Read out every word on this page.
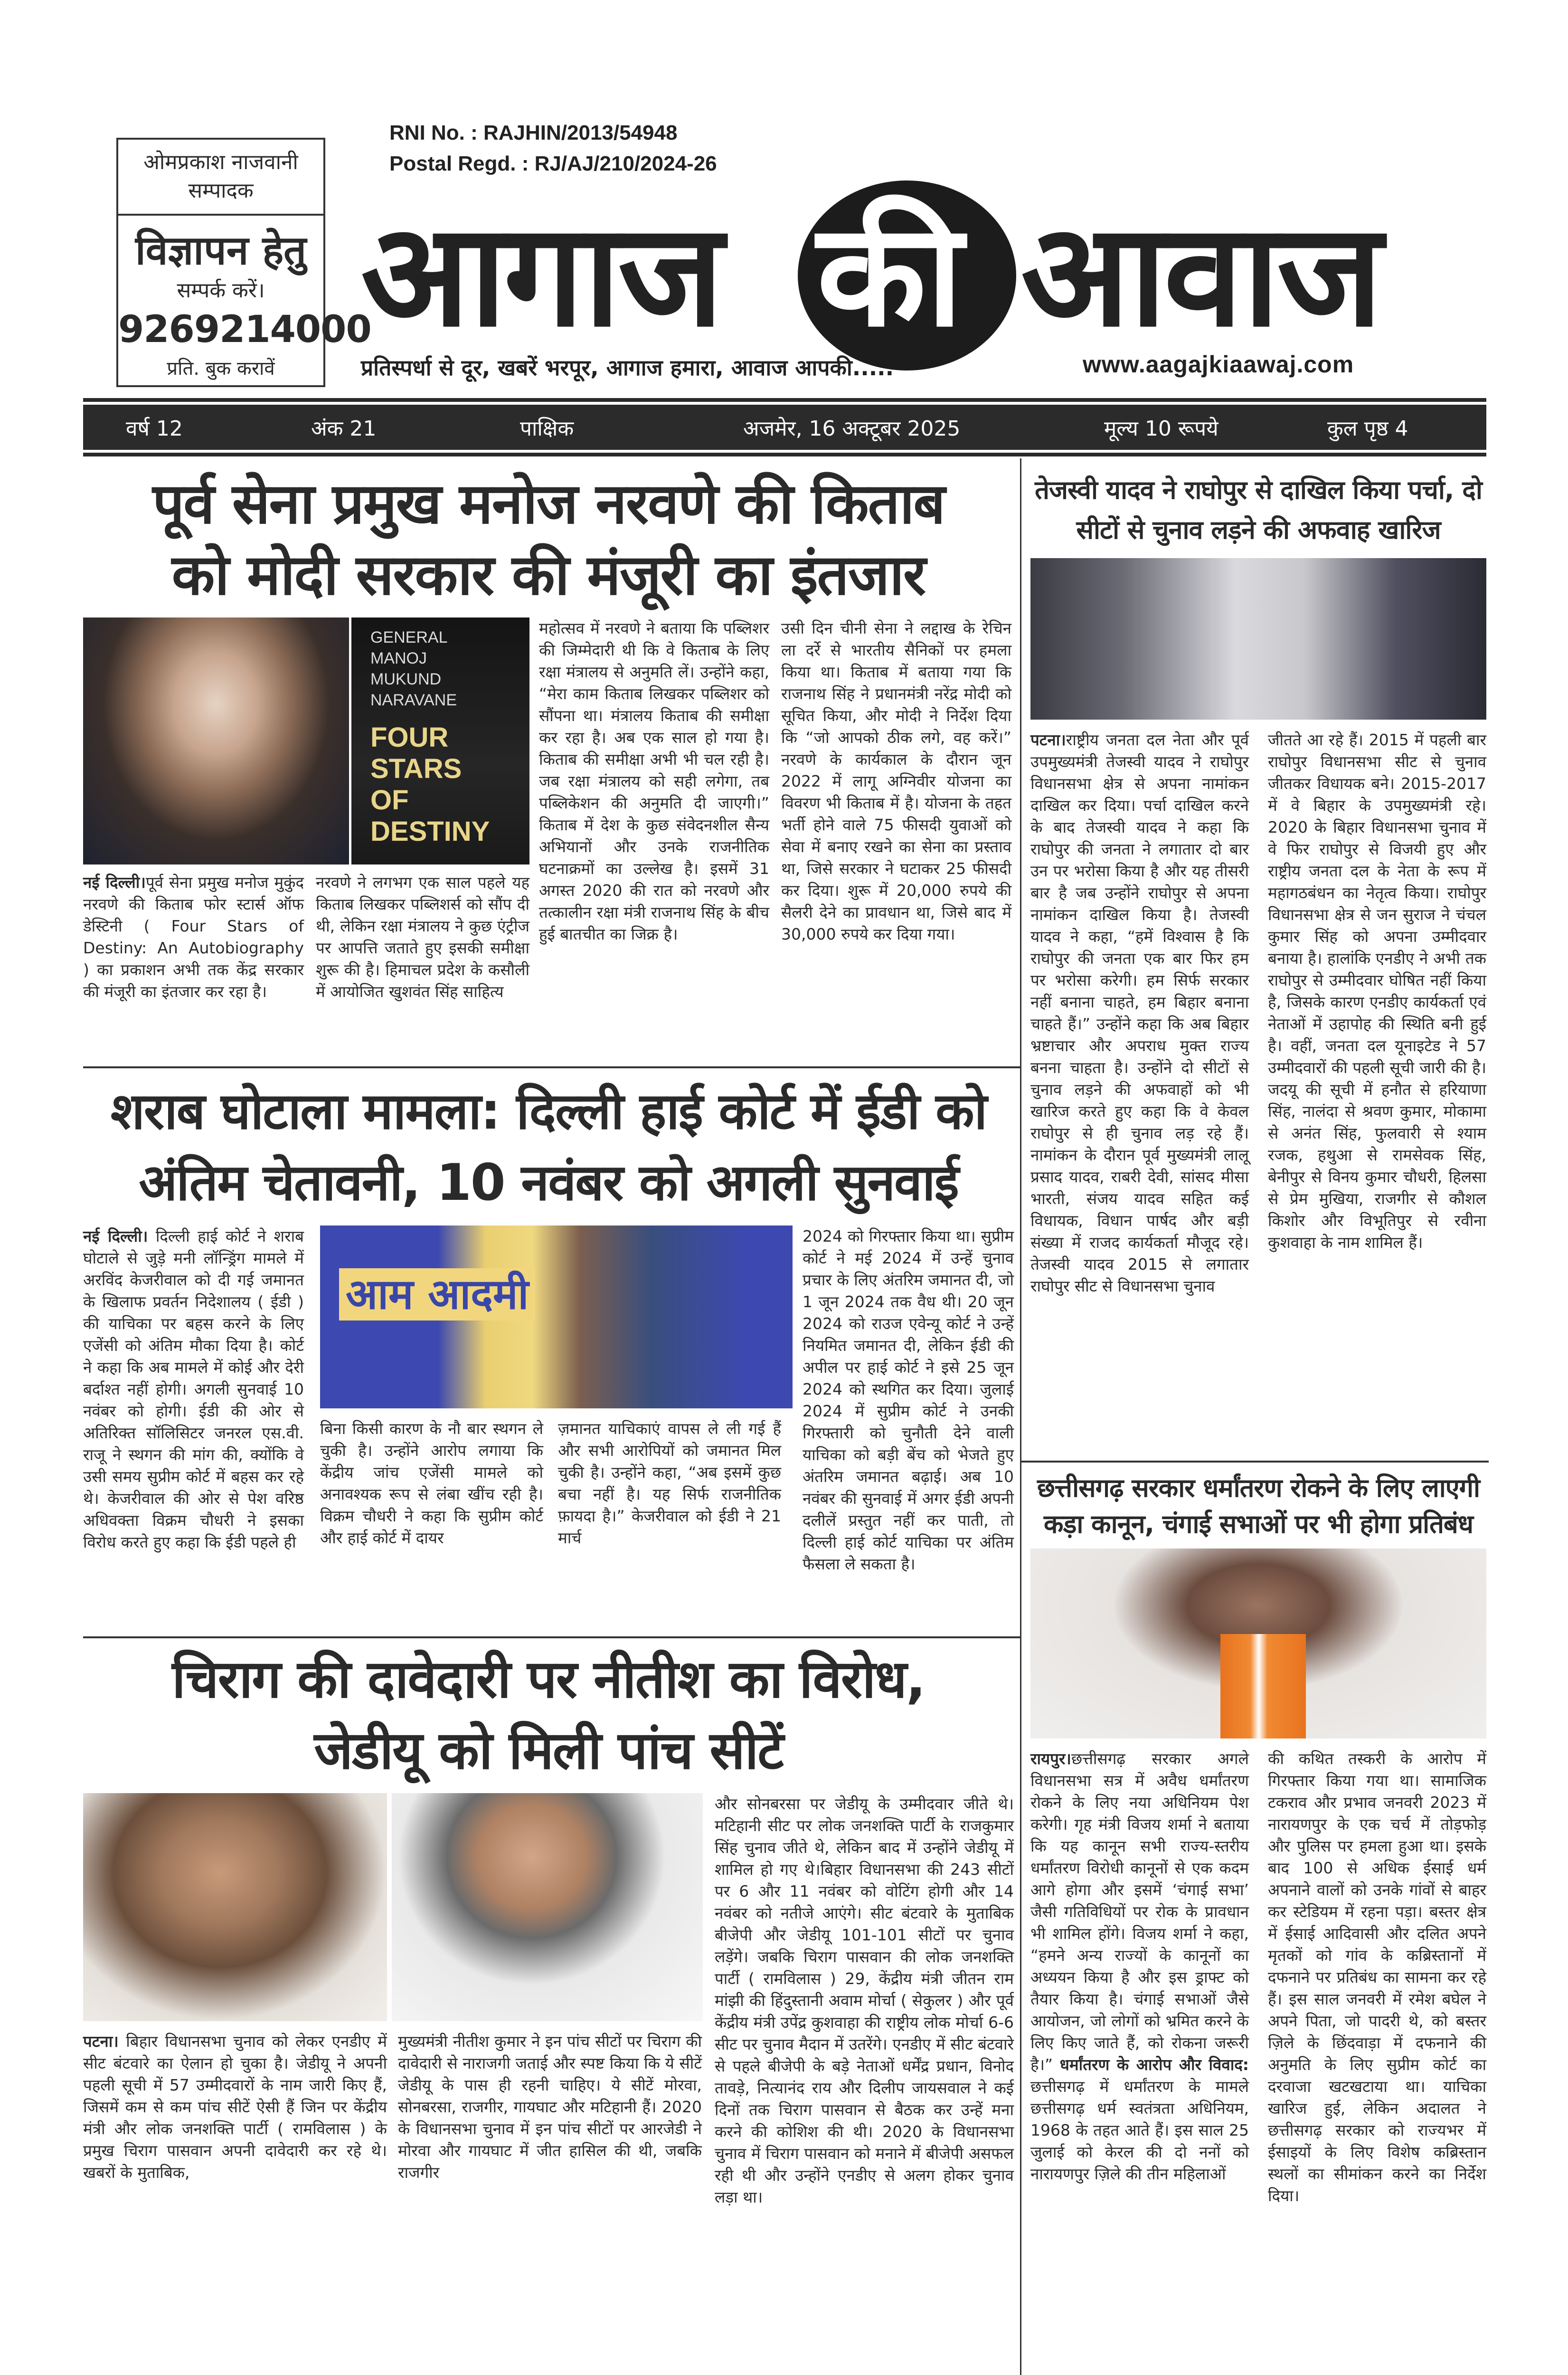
ओमप्रकाश नाजवानी
सम्पादक
विज्ञापन हेतु
सम्पर्क करें।
9269214000
प्रति. बुक करावें
RNI No. : RAJHIN/2013/54948
Postal Regd. : RJ/AJ/210/2024-26
आगाज की आवाज
प्रतिस्पर्धा से दूर, खबरें भरपूर, आगाज हमारा, आवाज आपकी.....	www.aagajkiaawaj.com
वर्ष 12	अंक 21	पाक्षिक	अजमेर, 16 अक्टूबर 2025	मूल्य 10 रूपये	कुल पृष्ठ 4
पूर्व सेना प्रमुख मनोज नरवणे की किताब
को मोदी सरकार की मंजूरी का इंतजार
GENERAL MANOJ MUKUND NARAVANE
FOUR STARS OF DESTINY
महोत्सव में नरवणे ने बताया कि पब्लिशर की जिम्मेदारी थी कि वे किताब के लिए रक्षा मंत्रालय से अनुमति लें। उन्होंने कहा, “मेरा काम किताब लिखकर पब्लिशर को सौंपना था। मंत्रालय किताब की समीक्षा कर रहा है। अब एक साल हो गया है। किताब की समीक्षा अभी भी चल रही है। जब रक्षा मंत्रालय को सही लगेगा, तब पब्लिकेशन की अनुमति दी जाएगी।” किताब में देश के कुछ संवेदनशील सैन्य अभियानों और उनके राजनीतिक घटनाक्रमों का उल्लेख है। इसमें 31 अगस्त 2020 की रात को नरवणे और तत्कालीन रक्षा मंत्री राजनाथ सिंह के बीच हुई बातचीत का जिक्र है।
उसी दिन चीनी सेना ने लद्दाख के रेचिन ला दर्रे से भारतीय सैनिकों पर हमला किया था। किताब में बताया गया कि राजनाथ सिंह ने प्रधानमंत्री नरेंद्र मोदी को सूचित किया, और मोदी ने निर्देश दिया कि “जो आपको ठीक लगे, वह करें।” नरवणे के कार्यकाल के दौरान जून 2022 में लागू अग्निवीर योजना का विवरण भी किताब में है। योजना के तहत भर्ती होने वाले 75 फीसदी युवाओं को सेवा में बनाए रखने का सेना का प्रस्ताव था, जिसे सरकार ने घटाकर 25 फीसदी कर दिया। शुरू में 20,000 रुपये की सैलरी देने का प्रावधान था, जिसे बाद में 30,000 रुपये कर दिया गया।
नई दिल्ली।पूर्व सेना प्रमुख मनोज मुकुंद नरवणे की किताब फोर स्टार्स ऑफ डेस्टिनी ( Four Stars of Destiny: An Autobiography ) का प्रकाशन अभी तक केंद्र सरकार की मंजूरी का इंतजार कर रहा है।
नरवणे ने लगभग एक साल पहले यह किताब लिखकर पब्लिशर्स को सौंप दी थी, लेकिन रक्षा मंत्रालय ने कुछ एंट्रीज पर आपत्ति जताते हुए इसकी समीक्षा शुरू की है। हिमाचल प्रदेश के कसौली में आयोजित खुशवंत सिंह साहित्य
तेजस्वी यादव ने राघोपुर से दाखिल किया पर्चा, दो सीटों से चुनाव लड़ने की अफवाह खारिज
पटना।राष्ट्रीय जनता दल नेता और पूर्व उपमुख्यमंत्री तेजस्वी यादव ने राघोपुर विधानसभा क्षेत्र से अपना नामांकन दाखिल कर दिया। पर्चा दाखिल करने के बाद तेजस्वी यादव ने कहा कि राघोपुर की जनता ने लगातार दो बार उन पर भरोसा किया है और यह तीसरी बार है जब उन्होंने राघोपुर से अपना नामांकन दाखिल किया है। तेजस्वी यादव ने कहा, “हमें विश्वास है कि राघोपुर की जनता एक बार फिर हम पर भरोसा करेगी। हम सिर्फ सरकार नहीं बनाना चाहते, हम बिहार बनाना चाहते हैं।” उन्होंने कहा कि अब बिहार भ्रष्टाचार और अपराध मुक्त राज्य बनना चाहता है। उन्होंने दो सीटों से चुनाव लड़ने की अफवाहों को भी खारिज करते हुए कहा कि वे केवल राघोपुर से ही चुनाव लड़ रहे हैं। नामांकन के दौरान पूर्व मुख्यमंत्री लालू प्रसाद यादव, राबरी देवी, सांसद मीसा भारती, संजय यादव सहित कई विधायक, विधान पार्षद और बड़ी संख्या में राजद कार्यकर्ता मौजूद रहे। तेजस्वी यादव 2015 से लगातार राघोपुर सीट से विधानसभा चुनाव
जीतते आ रहे हैं। 2015 में पहली बार राघोपुर विधानसभा सीट से चुनाव जीतकर विधायक बने। 2015-2017 में वे बिहार के उपमुख्यमंत्री रहे। 2020 के बिहार विधानसभा चुनाव में वे फिर राघोपुर से विजयी हुए और राष्ट्रीय जनता दल के नेता के रूप में महागठबंधन का नेतृत्व किया। राघोपुर विधानसभा क्षेत्र से जन सुराज ने चंचल कुमार सिंह को अपना उम्मीदवार बनाया है। हालांकि एनडीए ने अभी तक राघोपुर से उम्मीदवार घोषित नहीं किया है, जिसके कारण एनडीए कार्यकर्ता एवं नेताओं में उहापोह की स्थिति बनी हुई है। वहीं, जनता दल यूनाइटेड ने 57 उम्मीदवारों की पहली सूची जारी की है। जदयू की सूची में हनौत से हरियाणा सिंह, नालंदा से श्रवण कुमार, मोकामा से अनंत सिंह, फुलवारी से श्याम रजक, हथुआ से रामसेवक सिंह, बेनीपुर से विनय कुमार चौधरी, हिलसा से प्रेम मुखिया, राजगीर से कौशल किशोर और विभूतिपुर से रवीना कुशवाहा के नाम शामिल हैं।
शराब घोटाला मामला: दिल्ली हाई कोर्ट में ईडी को
अंतिम चेतावनी, 10 नवंबर को अगली सुनवाई
आम आदमी
नई दिल्ली। दिल्ली हाई कोर्ट ने शराब घोटाले से जुड़े मनी लॉन्ड्रिंग मामले में अरविंद केजरीवाल को दी गई जमानत के खिलाफ प्रवर्तन निदेशालय ( ईडी ) की याचिका पर बहस करने के लिए एजेंसी को अंतिम मौका दिया है। कोर्ट ने कहा कि अब मामले में कोई और देरी बर्दाश्त नहीं होगी। अगली सुनवाई 10 नवंबर को होगी। ईडी की ओर से अतिरिक्त सॉलिसिटर जनरल एस.वी. राजू ने स्थगन की मांग की, क्योंकि वे उसी समय सुप्रीम कोर्ट में बहस कर रहे थे। केजरीवाल की ओर से पेश वरिष्ठ अधिवक्ता विक्रम चौधरी ने इसका विरोध करते हुए कहा कि ईडी पहले ही
बिना किसी कारण के नौ बार स्थगन ले चुकी है। उन्होंने आरोप लगाया कि केंद्रीय जांच एजेंसी मामले को अनावश्यक रूप से लंबा खींच रही है। विक्रम चौधरी ने कहा कि सुप्रीम कोर्ट और हाई कोर्ट में दायर
ज़मानत याचिकाएं वापस ले ली गई हैं और सभी आरोपियों को जमानत मिल चुकी है। उन्होंने कहा, “अब इसमें कुछ बचा नहीं है। यह सिर्फ राजनीतिक फ़ायदा है।” केजरीवाल को ईडी ने 21 मार्च
2024 को गिरफ्तार किया था। सुप्रीम कोर्ट ने मई 2024 में उन्हें चुनाव प्रचार के लिए अंतरिम जमानत दी, जो 1 जून 2024 तक वैध थी। 20 जून 2024 को राउज एवेन्यू कोर्ट ने उन्हें नियमित जमानत दी, लेकिन ईडी की अपील पर हाई कोर्ट ने इसे 25 जून 2024 को स्थगित कर दिया। जुलाई 2024 में सुप्रीम कोर्ट ने उनकी गिरफ्तारी को चुनौती देने वाली याचिका को बड़ी बेंच को भेजते हुए अंतरिम जमानत बढ़ाई। अब 10 नवंबर की सुनवाई में अगर ईडी अपनी दलीलें प्रस्तुत नहीं कर पाती, तो दिल्ली हाई कोर्ट याचिका पर अंतिम फैसला ले सकता है।
छत्तीसगढ़ सरकार धर्मांतरण रोकने के लिए लाएगी कड़ा कानून, चंगाई सभाओं पर भी होगा प्रतिबंध
रायपुर।छत्तीसगढ़ सरकार अगले विधानसभा सत्र में अवैध धर्मांतरण रोकने के लिए नया अधिनियम पेश करेगी। गृह मंत्री विजय शर्मा ने बताया कि यह कानून सभी राज्य-स्तरीय धर्मांतरण विरोधी कानूनों से एक कदम आगे होगा और इसमें ‘चंगाई सभा’ जैसी गतिविधियों पर रोक के प्रावधान भी शामिल होंगे। विजय शर्मा ने कहा, “हमने अन्य राज्यों के कानूनों का अध्ययन किया है और इस ड्राफ्ट को तैयार किया है। चंगाई सभाओं जैसे आयोजन, जो लोगों को भ्रमित करने के लिए किए जाते हैं, को रोकना जरूरी है।” धर्मांतरण के आरोप और विवाद: छत्तीसगढ़ में धर्मांतरण के मामले छत्तीसगढ़ धर्म स्वतंत्रता अधिनियम, 1968 के तहत आते हैं। इस साल 25 जुलाई को केरल की दो ननों को नारायणपुर ज़िले की तीन महिलाओं
की कथित तस्करी के आरोप में गिरफ्तार किया गया था। सामाजिक टकराव और प्रभाव जनवरी 2023 में नारायणपुर के एक चर्च में तोड़फोड़ और पुलिस पर हमला हुआ था। इसके बाद 100 से अधिक ईसाई धर्म अपनाने वालों को उनके गांवों से बाहर कर स्टेडियम में रहना पड़ा। बस्तर क्षेत्र में ईसाई आदिवासी और दलित अपने मृतकों को गांव के कब्रिस्तानों में दफनाने पर प्रतिबंध का सामना कर रहे हैं। इस साल जनवरी में रमेश बघेल ने अपने पिता, जो पादरी थे, को बस्तर ज़िले के छिंदवाड़ा में दफनाने की अनुमति के लिए सुप्रीम कोर्ट का दरवाजा खटखटाया था। याचिका खारिज हुई, लेकिन अदालत ने छत्तीसगढ़ सरकार को राज्यभर में ईसाइयों के लिए विशेष कब्रिस्तान स्थलों का सीमांकन करने का निर्देश दिया।
चिराग की दावेदारी पर नीतीश का विरोध,
जेडीयू को मिली पांच सीटें
और सोनबरसा पर जेडीयू के उम्मीदवार जीते थे। मटिहानी सीट पर लोक जनशक्ति पार्टी के राजकुमार सिंह चुनाव जीते थे, लेकिन बाद में उन्होंने जेडीयू में शामिल हो गए थे।बिहार विधानसभा की 243 सीटों पर 6 और 11 नवंबर को वोटिंग होगी और 14 नवंबर को नतीजे आएंगे। सीट बंटवारे के मुताबिक बीजेपी और जेडीयू 101-101 सीटों पर चुनाव लड़ेंगे। जबकि चिराग पासवान की लोक जनशक्ति पार्टी ( रामविलास ) 29, केंद्रीय मंत्री जीतन राम मांझी की हिंदुस्तानी अवाम मोर्चा ( सेकुलर ) और पूर्व केंद्रीय मंत्री उपेंद्र कुशवाहा की राष्ट्रीय लोक मोर्चा 6-6 सीट पर चुनाव मैदान में उतरेंगे। एनडीए में सीट बंटवारे से पहले बीजेपी के बड़े नेताओं धर्मेंद्र प्रधान, विनोद तावड़े, नित्यानंद राय और दिलीप जायसवाल ने कई दिनों तक चिराग पासवान से बैठक कर उन्हें मना करने की कोशिश की थी। 2020 के विधानसभा चुनाव में चिराग पासवान को मनाने में बीजेपी असफल रही थी और उन्होंने एनडीए से अलग होकर चुनाव लड़ा था।
पटना। बिहार विधानसभा चुनाव को लेकर एनडीए में सीट बंटवारे का ऐलान हो चुका है। जेडीयू ने अपनी पहली सूची में 57 उम्मीदवारों के नाम जारी किए हैं, जिसमें कम से कम पांच सीटें ऐसी हैं जिन पर केंद्रीय मंत्री और लोक जनशक्ति पार्टी ( रामविलास ) के प्रमुख चिराग पासवान अपनी दावेदारी कर रहे थे। खबरों के मुताबिक,
मुख्यमंत्री नीतीश कुमार ने इन पांच सीटों पर चिराग की दावेदारी से नाराजगी जताई और स्पष्ट किया कि ये सीटें जेडीयू के पास ही रहनी चाहिए। ये सीटें मोरवा, सोनबरसा, राजगीर, गायघाट और मटिहानी हैं। 2020 के विधानसभा चुनाव में इन पांच सीटों पर आरजेडी ने मोरवा और गायघाट में जीत हासिल की थी, जबकि राजगीर
